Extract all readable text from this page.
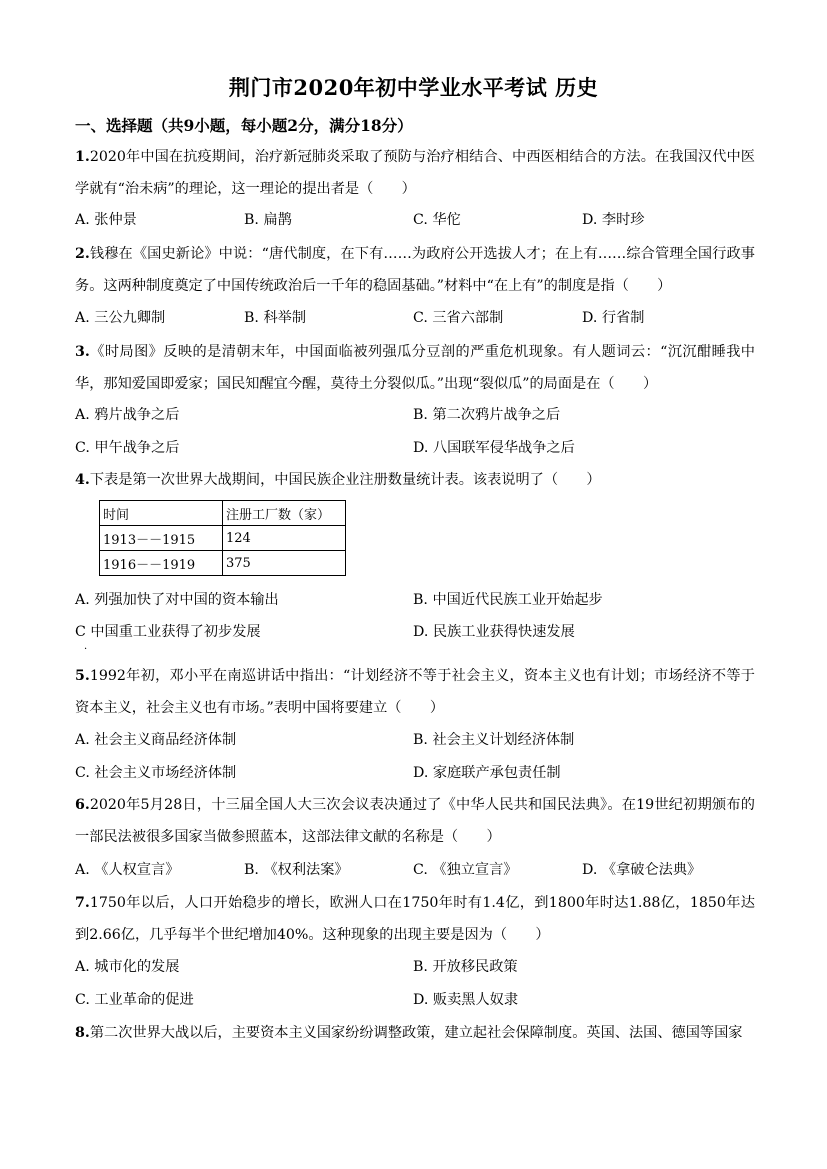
荆门市2020年初中学业水平考试 历史
一、选择题（共9小题，每小题2分，满分18分）
1.2020年中国在抗疫期间，治疗新冠肺炎采取了预防与治疗相结合、中西医相结合的方法。在我国汉代中医学就有“治未病”的理论，这一理论的提出者是（　　）
A. 张仲景	B. 扁鹊	C. 华佗	D. 李时珍
2.钱穆在《国史新论》中说：“唐代制度，在下有……为政府公开选拔人才；在上有……综合管理全国行政事务。这两种制度奠定了中国传统政治后一千年的稳固基础。”材料中“在上有”的制度是指（　　）
A. 三公九卿制	B. 科举制	C. 三省六部制	D. 行省制
3.《时局图》反映的是清朝末年，中国面临被列强瓜分豆剖的严重危机现象。有人题词云：“沉沉酣睡我中华，那知爱国即爱家；国民知醒宜今醒，莫待土分裂似瓜。”出现“裂似瓜”的局面是在（　　）
A. 鸦片战争之后	B. 第二次鸦片战争之后
C. 甲午战争之后	D. 八国联军侵华战争之后
4.下表是第一次世界大战期间，中国民族企业注册数量统计表。该表说明了（　　）
时间	注册工厂数（家）
1913－－1915	124
1916－－1919	375
A. 列强加快了对中国的资本输出	B. 中国近代民族工业开始起步
C 中国重工业获得了初步发展	D. 民族工业获得快速发展
·
5.1992年初，邓小平在南巡讲话中指出：“计划经济不等于社会主义，资本主义也有计划；市场经济不等于资本主义，社会主义也有市场。”表明中国将要建立（　　）
A. 社会主义商品经济体制	B. 社会主义计划经济体制
C. 社会主义市场经济体制	D. 家庭联产承包责任制
6.2020年5月28日，十三届全国人大三次会议表决通过了《中华人民共和国民法典》。在19世纪初期颁布的一部民法被很多国家当做参照蓝本，这部法律文献的名称是（　　）
A. 《人权宣言》	B. 《权利法案》	C. 《独立宣言》	D. 《拿破仑法典》
7.1750年以后，人口开始稳步的增长，欧洲人口在1750年时有1.4亿，到1800年时达1.88亿，1850年达到2.66亿，几乎每半个世纪增加40%。这种现象的出现主要是因为（　　）
A. 城市化的发展	B. 开放移民政策
C. 工业革命的促进	D. 贩卖黑人奴隶
8.第二次世界大战以后，主要资本主义国家纷纷调整政策，建立起社会保障制度。英国、法国、德国等国家
